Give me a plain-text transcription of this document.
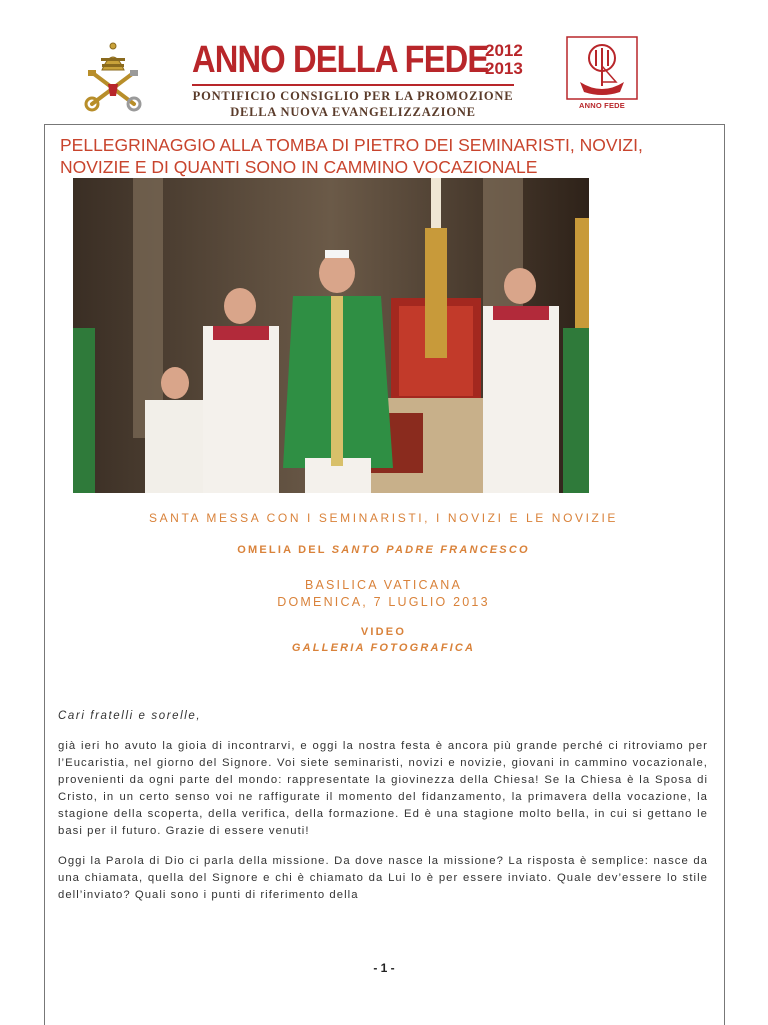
ANNO DELLA FEDE
2012
2013
PONTIFICIO CONSIGLIO PER LA PROMOZIONE
DELLA NUOVA EVANGELIZZAZIONE	ANNO FEDE
PELLEGRINAGGIO ALLA TOMBA DI PIETRO DEI SEMINARISTI, NOVIZI, NOVIZIE E DI QUANTI SONO IN CAMMINO VOCAZIONALE
SANTA MESSA CON I SEMINARISTI, I NOVIZI E LE NOVIZIE
OMELIA DEL SANTO PADRE FRANCESCO
BASILICA VATICANA
DOMENICA, 7 LUGLIO 2013
VIDEO
GALLERIA FOTOGRAFICA
Cari fratelli e sorelle,
già ieri ho avuto la gioia di incontrarvi, e oggi la nostra festa è ancora più grande perché ci ritroviamo per l’Eucaristia, nel giorno del Signore. Voi siete seminaristi, novizi e novizie, giovani in cammino vocazionale, provenienti da ogni parte del mondo: rappresentate la giovinezza della Chiesa! Se la Chiesa è la Sposa di Cristo, in un certo senso voi ne raffigurate il momento del fidanzamento, la primavera della vocazione, la stagione della scoperta, della verifica, della formazione. Ed è una stagione molto bella, in cui si gettano le basi per il futuro. Grazie di essere venuti!
Oggi la Parola di Dio ci parla della missione. Da dove nasce la missione? La risposta è semplice: nasce da una chiamata, quella del Signore e chi è chiamato da Lui lo è per essere inviato. Quale dev’essere lo stile dell’inviato? Quali sono i punti di riferimento della
- 1 -
